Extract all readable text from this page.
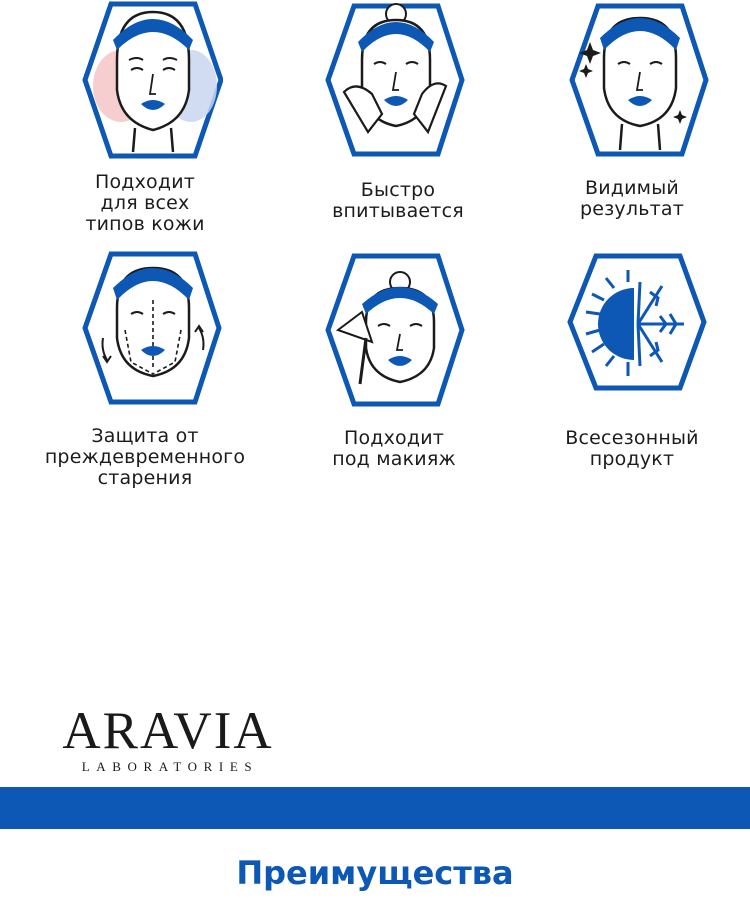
Подходит
для всех
типов кожи
Быстро
впитывается
Видимый
результат
Защита от
преждевременного
старения
Подходит
под макияж
Всесезонный
продукт
ARAVIA
LABORATORIES
Преимущества
